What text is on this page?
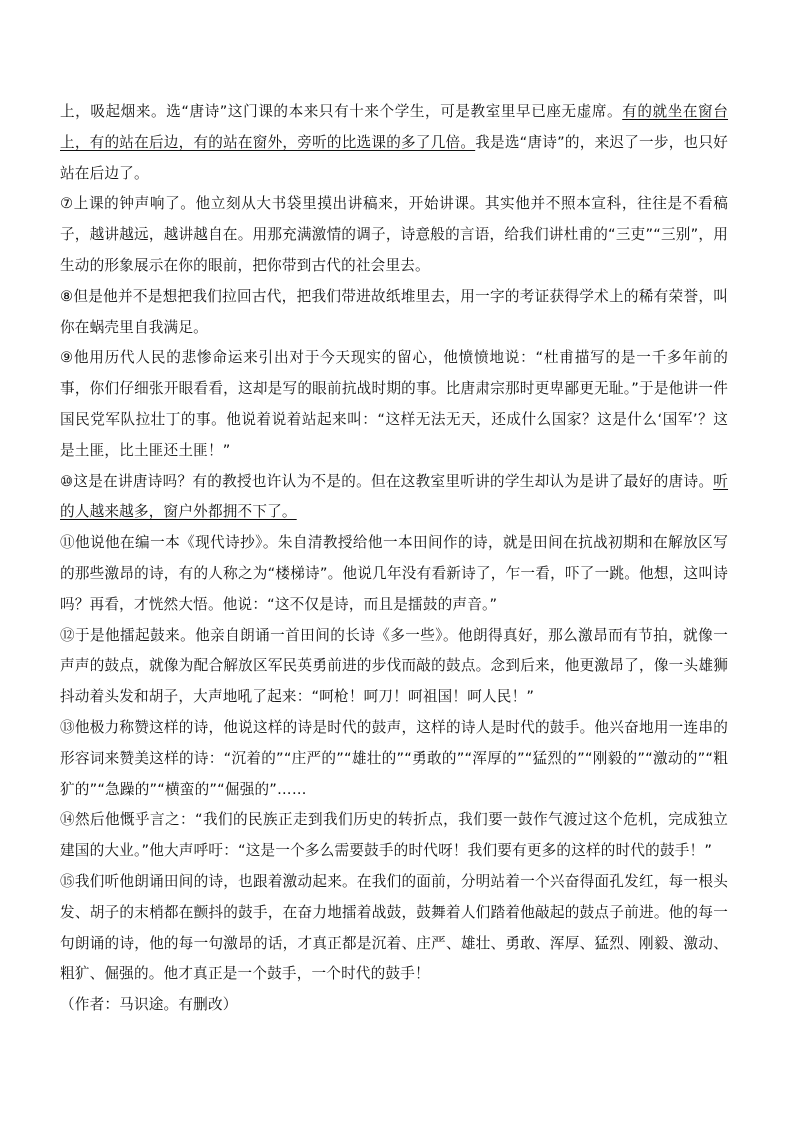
上，吸起烟来。选“唐诗”这门课的本来只有十来个学生，可是教室里早已座无虚席。有的就坐在窗台上，有的站在后边，有的站在窗外，旁听的比选课的多了几倍。我是选“唐诗”的，来迟了一步，也只好站在后边了。

⑦上课的钟声响了。他立刻从大书袋里摸出讲稿来，开始讲课。其实他并不照本宣科，往往是不看稿子，越讲越远，越讲越自在。用那充满激情的调子，诗意般的言语，给我们讲杜甫的“三吏”“三别”，用生动的形象展示在你的眼前，把你带到古代的社会里去。

⑧但是他并不是想把我们拉回古代，把我们带进故纸堆里去，用一字的考证获得学术上的稀有荣誉，叫你在蜗壳里自我满足。

⑨他用历代人民的悲惨命运来引出对于今天现实的留心，他愤愤地说：“杜甫描写的是一千多年前的事，你们仔细张开眼看看，这却是写的眼前抗战时期的事。比唐肃宗那时更卑鄙更无耻。”于是他讲一件国民党军队拉壮丁的事。他说着说着站起来叫：“这样无法无天，还成什么国家？这是什么‘国军’？这是土匪，比土匪还土匪！”

⑩这是在讲唐诗吗？有的教授也许认为不是的。但在这教室里听讲的学生却认为是讲了最好的唐诗。听的人越来越多，窗户外都拥不下了。

⑪他说他在编一本《现代诗抄》。朱自清教授给他一本田间作的诗，就是田间在抗战初期和在解放区写的那些激昂的诗，有的人称之为“楼梯诗”。他说几年没有看新诗了，乍一看，吓了一跳。他想，这叫诗吗？再看，才恍然大悟。他说：“这不仅是诗，而且是擂鼓的声音。”

⑫于是他擂起鼓来。他亲自朗诵一首田间的长诗《多一些》。他朗得真好，那么激昂而有节拍，就像一声声的鼓点，就像为配合解放区军民英勇前进的步伐而敲的鼓点。念到后来，他更激昂了，像一头雄狮抖动着头发和胡子，大声地吼了起来：“呵枪！呵刀！呵祖国！呵人民！”

⑬他极力称赞这样的诗，他说这样的诗是时代的鼓声，这样的诗人是时代的鼓手。他兴奋地用一连串的形容词来赞美这样的诗：“沉着的”“庄严的”“雄壮的”“勇敢的”“浑厚的”“猛烈的”“刚毅的”“激动的”“粗犷的”“急躁的”“横蛮的”“倔强的”……

⑭然后他慨乎言之：“我们的民族正走到我们历史的转折点，我们要一鼓作气渡过这个危机，完成独立建国的大业。”他大声呼吁：“这是一个多么需要鼓手的时代呀！我们要有更多的这样的时代的鼓手！”

⑮我们听他朗诵田间的诗，也跟着激动起来。在我们的面前，分明站着一个兴奋得面孔发红，每一根头发、胡子的末梢都在颤抖的鼓手，在奋力地擂着战鼓，鼓舞着人们踏着他敲起的鼓点子前进。他的每一句朗诵的诗，他的每一句激昂的话，才真正都是沉着、庄严、雄壮、勇敢、浑厚、猛烈、刚毅、激动、粗犷、倔强的。他才真正是一个鼓手，一个时代的鼓手！

（作者：马识途。有删改）
